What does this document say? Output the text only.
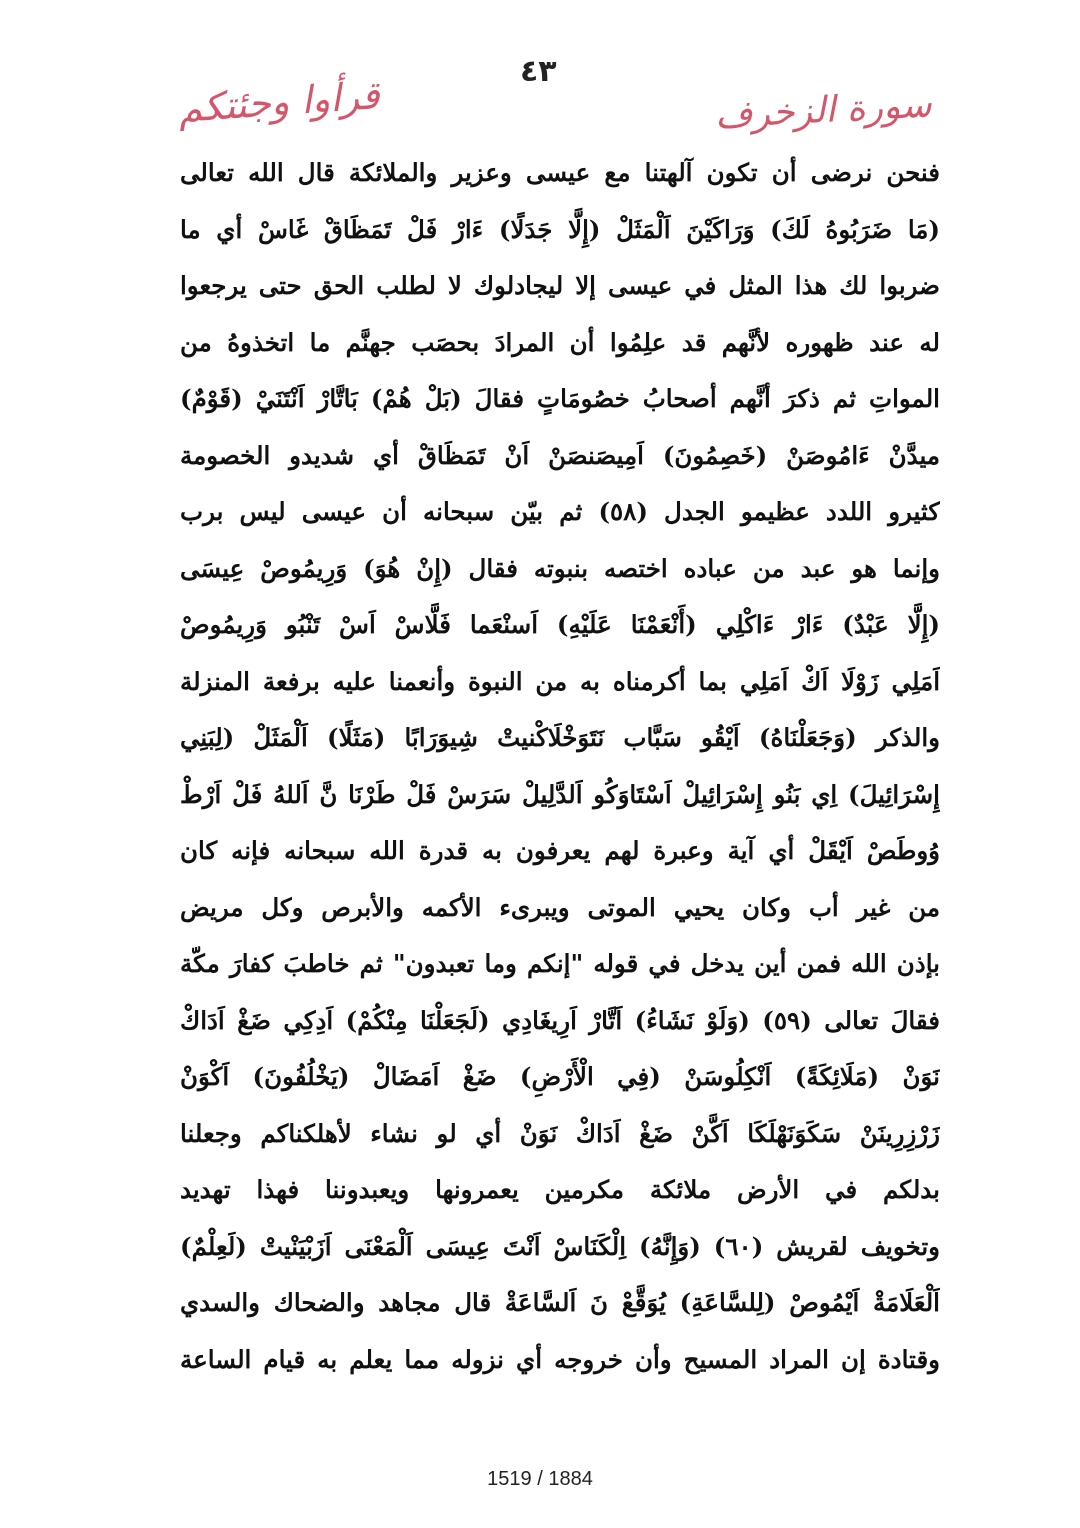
قرأوا وجئتكم
٤٣
سورة الزخرف
فنحن نرضى أن تكون آلهتنا مع عيسى وعزير والملائكة قال الله تعالى
(مَا ضَرَبُوهُ لَكَ) وَرَاكَيْنَ اَلْمَثَلْ (إِلَّا جَدَلًا) ءَارْ فَلْ تَمَظَاقْ غَاسْ أي ما
ضربوا لك هذا المثل في عيسى إلا ليجادلوك لا لطلب الحق حتى يرجعوا
له عند ظهوره لأنَّهم قد علِمُوا أن المرادَ بحصَب جهنَّم ما اتخذوهُ من
المواتِ ثم ذكرَ أنَّهم أصحابُ خصُومَاتٍ فقالَ (بَلْ هُمْ) بَاتَّارْ اَنْتَنَيْ (قَوْمٌ)
ميدَّنْ ءَامُوصَنْ (خَصِمُونَ) اَمِيصَنصَنْ اَنْ تَمَظَاقْ أي شديدو الخصومة
كثيرو اللدد عظيمو الجدل (٥٨) ثم بيّن سبحانه أن عيسى ليس برب
وإنما هو عبد من عباده اختصه بنبوته فقال (إِنْ هُوَ) وَرِيمُوصْ عِيسَى
(إِلَّا عَبْدٌ) ءَارْ ءَاكْلِي (أَنْعَمْنَا عَلَيْهِ) اَسنْعَما فَلَّاسْ اَسْ تَنْبُو وَرِيمُوصْ
اَمَلِي زَوْلَا اَكْ اَمَلِي بما أكرمناه به من النبوة وأنعمنا عليه برفعة المنزلة
والذكر (وَجَعَلْنَاهُ) اَيْقُو سَبَّاب نَتَوَخْلَاكْنيتْ شِيوَرَابًا (مَثَلًا) اَلْمَثَلْ (لِبَنِي
إِسْرَائِيلَ) اِي بَنُو إِسْرَائِيلْ اَسْتَاوَكُو اَلدَّلِيلْ سَرَسْ فَلْ طَرْنَا نَّ اَللهُ فَلْ اَرْطْ
وُوطَصْ اَيْقَلْ أي آية وعبرة لهم يعرفون به قدرة الله سبحانه فإنه كان
من غير أب وكان يحيي الموتى ويبرىء الأكمه والأبرص وكل مريض
بإذن الله فمن أين يدخل في قوله "إنكم وما تعبدون" ثم خاطبَ كفارَ مكّة
فقالَ تعالى (٥٩) (وَلَوْ نَشَاءُ) اَتَّارْ اَرِيغَادِي (لَجَعَلْنَا مِنْكُمْ) اَدِكِي ضَغْ اَدَاكْ
نَوَنْ (مَلَائِكَةً) اَنْكِلُوسَنْ (فِي الْأَرْضِ) ضَغْ اَمَضَالْ (يَخْلُفُونَ) اَكْوَنْ
زَرْزِرِينَنْ سَكَوَنَهْلَكَا اَكَّنْ ضَغْ اَدَاكْ نَوَنْ أي لو نشاء لأهلكناكم وجعلنا
بدلكم في الأرض ملائكة مكرمين يعمرونها ويعبدوننا فهذا تهديد
وتخويف لقريش (٦٠) (وَإِنَّهُ) اِلْكَنَاسْ اَنْتَ عِيسَى اَلْمَعْنَى اَزَبْيَنْيتْ (لَعِلْمٌ)
اَلْعَلَامَةْ اَيْمُوصْ (لِلسَّاعَةِ) يُوَقَّعْ نَ اَلسَّاعَةْ قال مجاهد والضحاك والسدي
وقتادة إن المراد المسيح وأن خروجه أي نزوله مما يعلم به قيام الساعة
1519 / 1884
